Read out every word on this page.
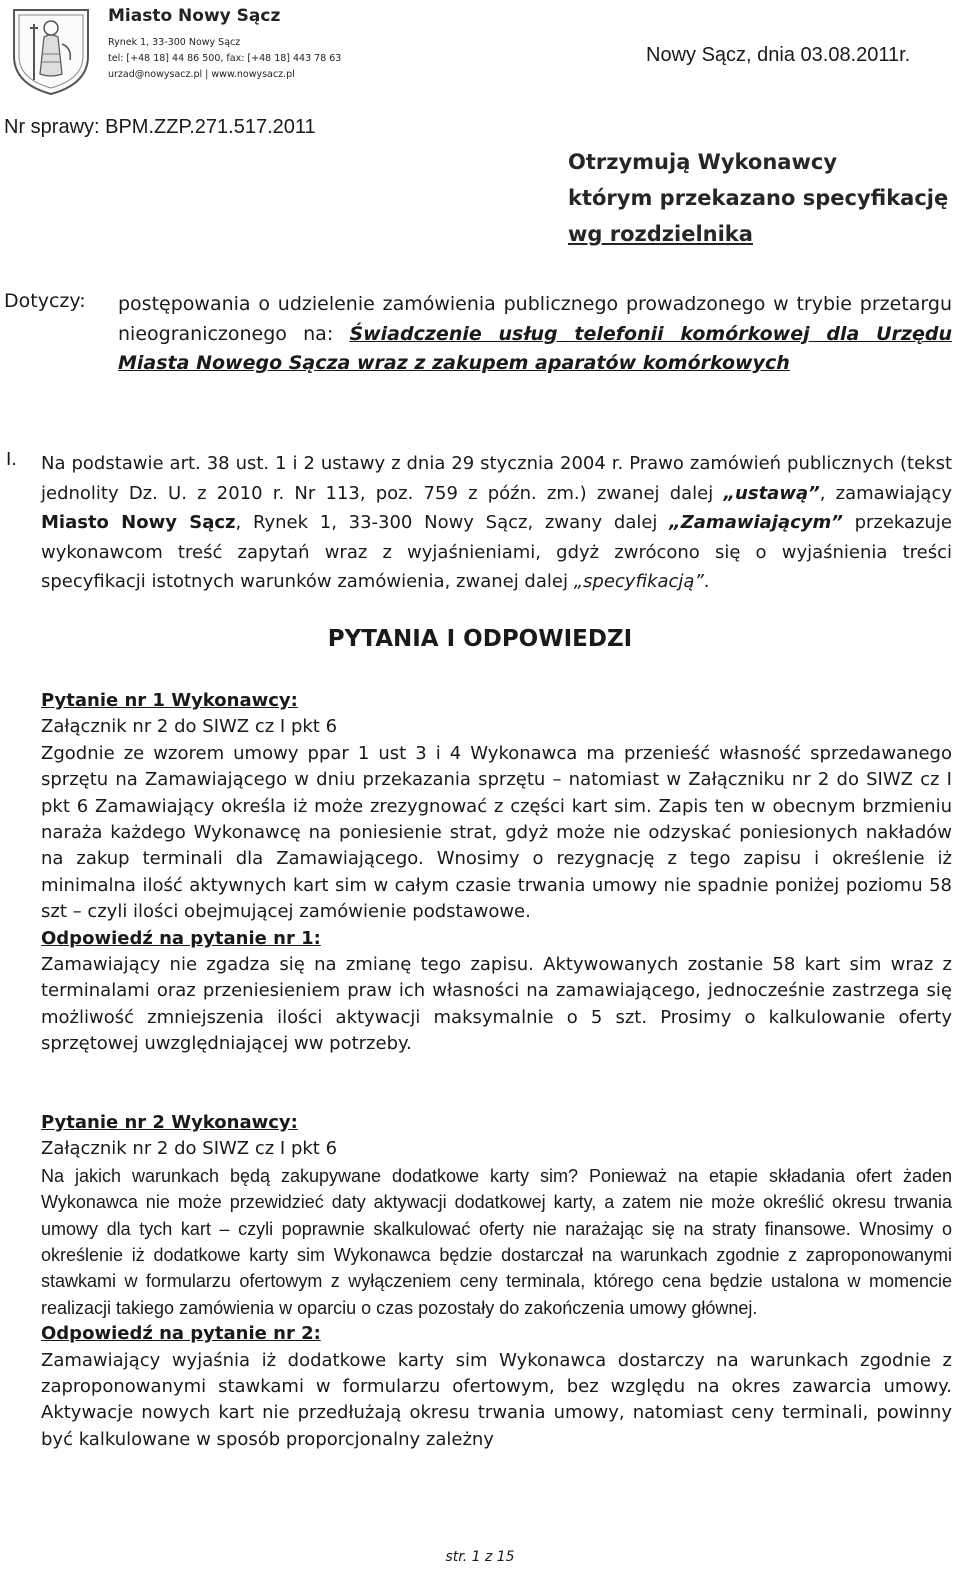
Miasto Nowy Sącz
Rynek 1, 33-300 Nowy Sącz
tel: [+48 18] 44 86 500, fax: [+48 18] 443 78 63
urzad@nowysacz.pl | www.nowysacz.pl
Nowy Sącz, dnia 03.08.2011r.
Nr sprawy: BPM.ZZP.271.517.2011
Otrzymują Wykonawcy
którym przekazano specyfikację
wg rozdzielnika
Dotyczy: postępowania o udzielenie zamówienia publicznego prowadzonego w trybie przetargu nieograniczonego na: Świadczenie usług telefonii komórkowej dla Urzędu Miasta Nowego Sącza wraz z zakupem aparatów komórkowych
I. Na podstawie art. 38 ust. 1 i 2 ustawy z dnia 29 stycznia 2004 r. Prawo zamówień publicznych (tekst jednolity Dz. U. z 2010 r. Nr 113, poz. 759 z późn. zm.) zwanej dalej „ustawą”, zamawiający Miasto Nowy Sącz, Rynek 1, 33-300 Nowy Sącz, zwany dalej „Zamawiającym” przekazuje wykonawcom treść zapytań wraz z wyjaśnieniami, gdyż zwrócono się o wyjaśnienia treści specyfikacji istotnych warunków zamówienia, zwanej dalej „specyfikacją”.
PYTANIA I ODPOWIEDZI

Pytanie nr 1 Wykonawcy:

Załącznik nr 2 do SIWZ cz I pkt 6

Zgodnie ze wzorem umowy ppar 1 ust 3 i 4 Wykonawca ma przenieść własność sprzedawanego sprzętu na Zamawiającego w dniu przekazania sprzętu – natomiast w Załączniku nr 2 do SIWZ cz I pkt 6 Zamawiający określa iż może zrezygnować z części kart sim. Zapis ten w obecnym brzmieniu naraża każdego Wykonawcę na poniesienie strat, gdyż może nie odzyskać poniesionych nakładów na zakup terminali dla Zamawiającego. Wnosimy o rezygnację z tego zapisu i określenie iż minimalna ilość aktywnych kart sim w całym czasie trwania umowy nie spadnie poniżej poziomu 58 szt – czyli ilości obejmującej zamówienie podstawowe.

Odpowiedź na pytanie nr 1:

Zamawiający nie zgadza się na zmianę tego zapisu. Aktywowanych zostanie 58 kart sim wraz z terminalami oraz przeniesieniem praw ich własności na zamawiającego, jednocześnie zastrzega się możliwość zmniejszenia ilości aktywacji maksymalnie o 5 szt. Prosimy o kalkulowanie oferty sprzętowej uwzględniającej ww potrzeby.

Pytanie nr 2 Wykonawcy:

Załącznik nr 2 do SIWZ cz I pkt 6

Na jakich warunkach będą zakupywane dodatkowe karty sim? Ponieważ na etapie składania ofert żaden Wykonawca nie może przewidzieć daty aktywacji dodatkowej karty, a zatem nie może określić okresu trwania umowy dla tych kart – czyli poprawnie skalkulować oferty nie narażając się na straty finansowe. Wnosimy o określenie iż dodatkowe karty sim Wykonawca będzie dostarczał na warunkach zgodnie z zaproponowanymi stawkami w formularzu ofertowym z wyłączeniem ceny terminala, którego cena będzie ustalona w momencie realizacji takiego zamówienia w oparciu o czas pozostały do zakończenia umowy głównej.

Odpowiedź na pytanie nr 2:

Zamawiający wyjaśnia iż dodatkowe karty sim Wykonawca dostarczy na warunkach zgodnie z zaproponowanymi stawkami w formularzu ofertowym, bez względu na okres zawarcia umowy. Aktywacje nowych kart nie przedłużają okresu trwania umowy, natomiast ceny terminali, powinny być kalkulowane w sposób proporcjonalny zależny

str. 1 z 15
